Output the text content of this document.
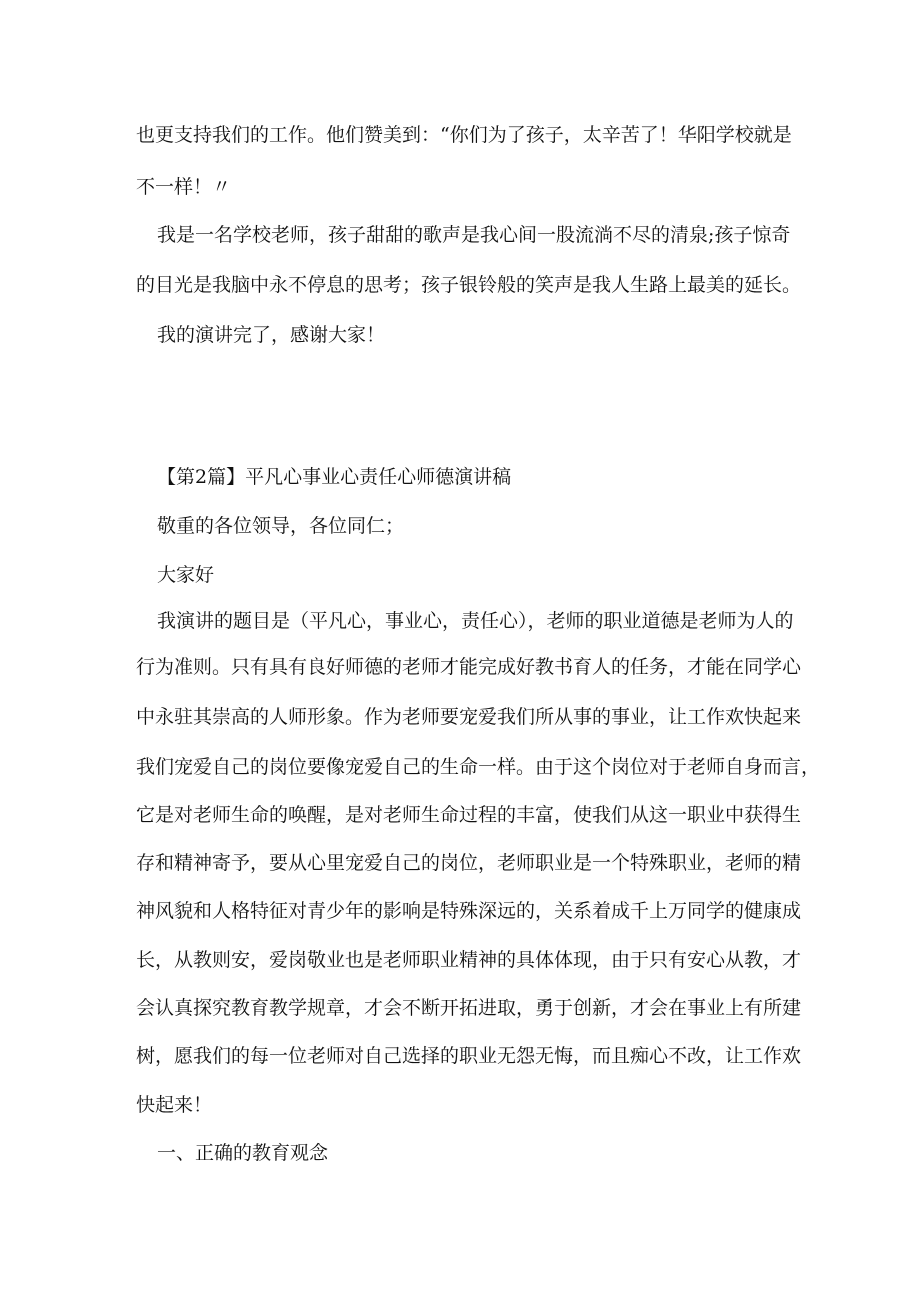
也更支持我们的工作。他们赞美到：“你们为了孩子，太辛苦了！华阳学校就是
不一样！〃
我是一名学校老师，孩子甜甜的歌声是我心间一股流淌不尽的清泉;孩子惊奇
的目光是我脑中永不停息的思考；孩子银铃般的笑声是我人生路上最美的延长。
我的演讲完了，感谢大家！
【第2篇】平凡心事业心责任心师德演讲稿
敬重的各位领导，各位同仁；
大家好
我演讲的题目是（平凡心，事业心，责任心），老师的职业道德是老师为人的
行为准则。只有具有良好师德的老师才能完成好教书育人的任务，才能在同学心
中永驻其崇高的人师形象。作为老师要宠爱我们所从事的事业，让工作欢快起来
我们宠爱自己的岗位要像宠爱自己的生命一样。由于这个岗位对于老师自身而言，
它是对老师生命的唤醒，是对老师生命过程的丰富，使我们从这一职业中获得生
存和精神寄予，要从心里宠爱自己的岗位，老师职业是一个特殊职业，老师的精
神风貌和人格特征对青少年的影响是特殊深远的，关系着成千上万同学的健康成
长，从教则安，爱岗敬业也是老师职业精神的具体体现，由于只有安心从教，才
会认真探究教育教学规章，才会不断开拓进取，勇于创新，才会在事业上有所建
树，愿我们的每一位老师对自己选择的职业无怨无悔，而且痴心不改，让工作欢
快起来！
一、正确的教育观念
